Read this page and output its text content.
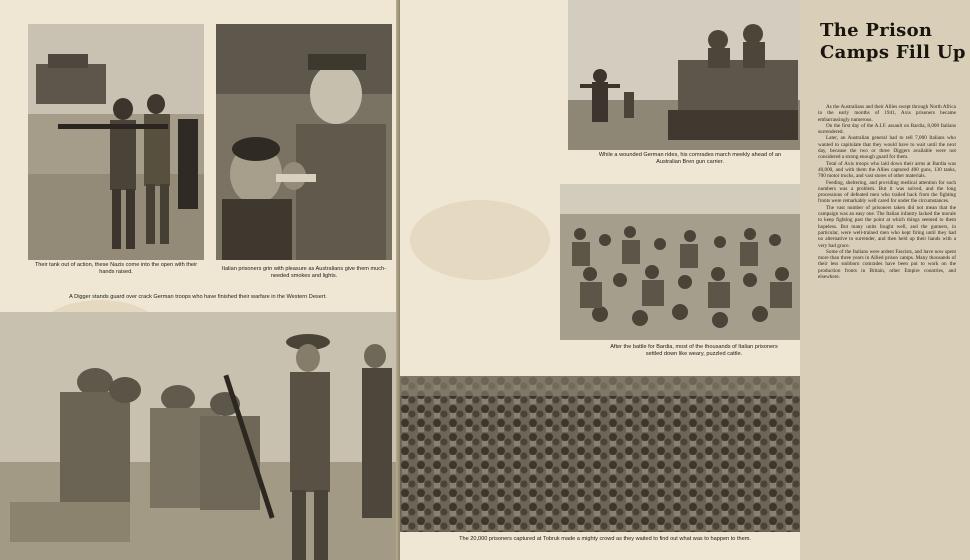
Their tank out of action, these Nazis come into the open with their hands raised.	Italian prisoners grin with pleasure as Australians give them much-needed smokes and lights.
A Digger stands guard over crack German troops who have finished their warfare in the Western Desert.
The Prison Camps Fill Up

As the Australians and their Allies swept through North Africa in the early months of 1941, Axis prisoners became embarrassingly numerous.

On the first day of the A.I.F. assault on Bardia, 8,000 Italians surrendered.

Later, an Australian general had to tell 7,000 Italians who wanted to capitulate that they would have to wait until the next day, because the two or three Diggers available were not considered a strong enough guard for them.

Total of Axis troops who laid down their arms at Bardia was 40,000, and with them the Allies captured 400 guns, 130 tanks, 700 motor trucks, and vast stores of other materials.

Feeding, sheltering, and providing medical attention for such numbers was a problem. But it was solved, and the long processions of defeated men who trailed back from the fighting fronts were remarkably well cared for under the circumstances.

The vast number of prisoners taken did not mean that the campaign was an easy one. The Italian infantry lacked the morale to keep fighting past the point at which things seemed to them hopeless. But many units fought well, and the gunners, in particular, were well-trained men who kept firing until they had no alternative to surrender, and then held up their hands with a very bad grace.

Some of the Italians were ardent Fascists, and have now spent more than three years in Allied prison camps. Many thousands of their less stubborn comrades have been put to work on the production fronts in Britain, other Empire countries, and elsewhere.

While a wounded German rides, his comrades march meekly ahead of an Australian Bren gun carrier.
After the battle for Bardia, most of the thousands of Italian prisoners settled down like weary, puzzled cattle.
The 20,000 prisoners captured at Tobruk made a mighty crowd as they waited to find out what was to happen to them.
